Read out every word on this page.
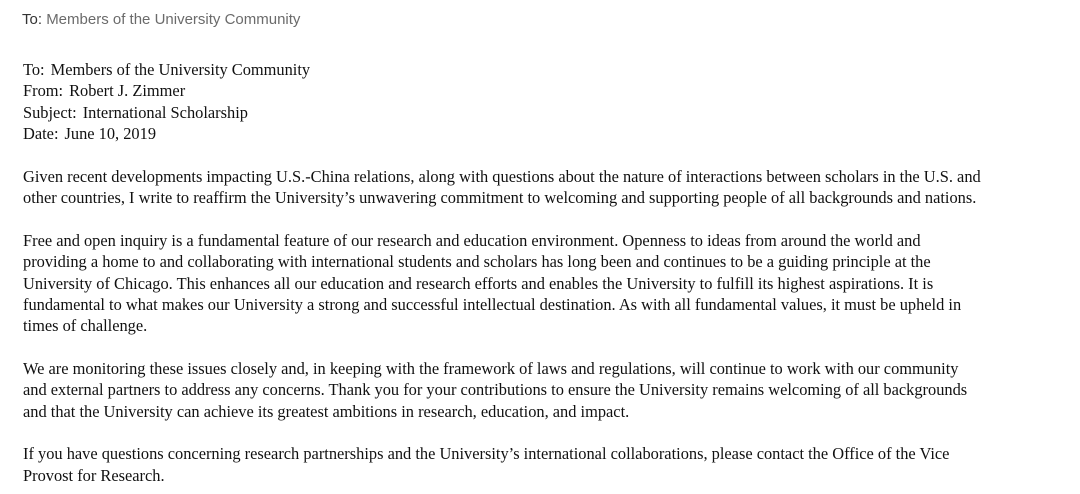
To: Members of the University Community
To: Members of the University Community
From: Robert J. Zimmer
Subject: International Scholarship
Date: June 10, 2019
Given recent developments impacting U.S.-China relations, along with questions about the nature of interactions between scholars in the U.S. and
other countries, I write to reaffirm the University’s unwavering commitment to welcoming and supporting people of all backgrounds and nations.
Free and open inquiry is a fundamental feature of our research and education environment. Openness to ideas from around the world and
providing a home to and collaborating with international students and scholars has long been and continues to be a guiding principle at the
University of Chicago. This enhances all our education and research efforts and enables the University to fulfill its highest aspirations. It is
fundamental to what makes our University a strong and successful intellectual destination. As with all fundamental values, it must be upheld in
times of challenge.
We are monitoring these issues closely and, in keeping with the framework of laws and regulations, will continue to work with our community
and external partners to address any concerns. Thank you for your contributions to ensure the University remains welcoming of all backgrounds
and that the University can achieve its greatest ambitions in research, education, and impact.
If you have questions concerning research partnerships and the University’s international collaborations, please contact the Office of the Vice
Provost for Research.
